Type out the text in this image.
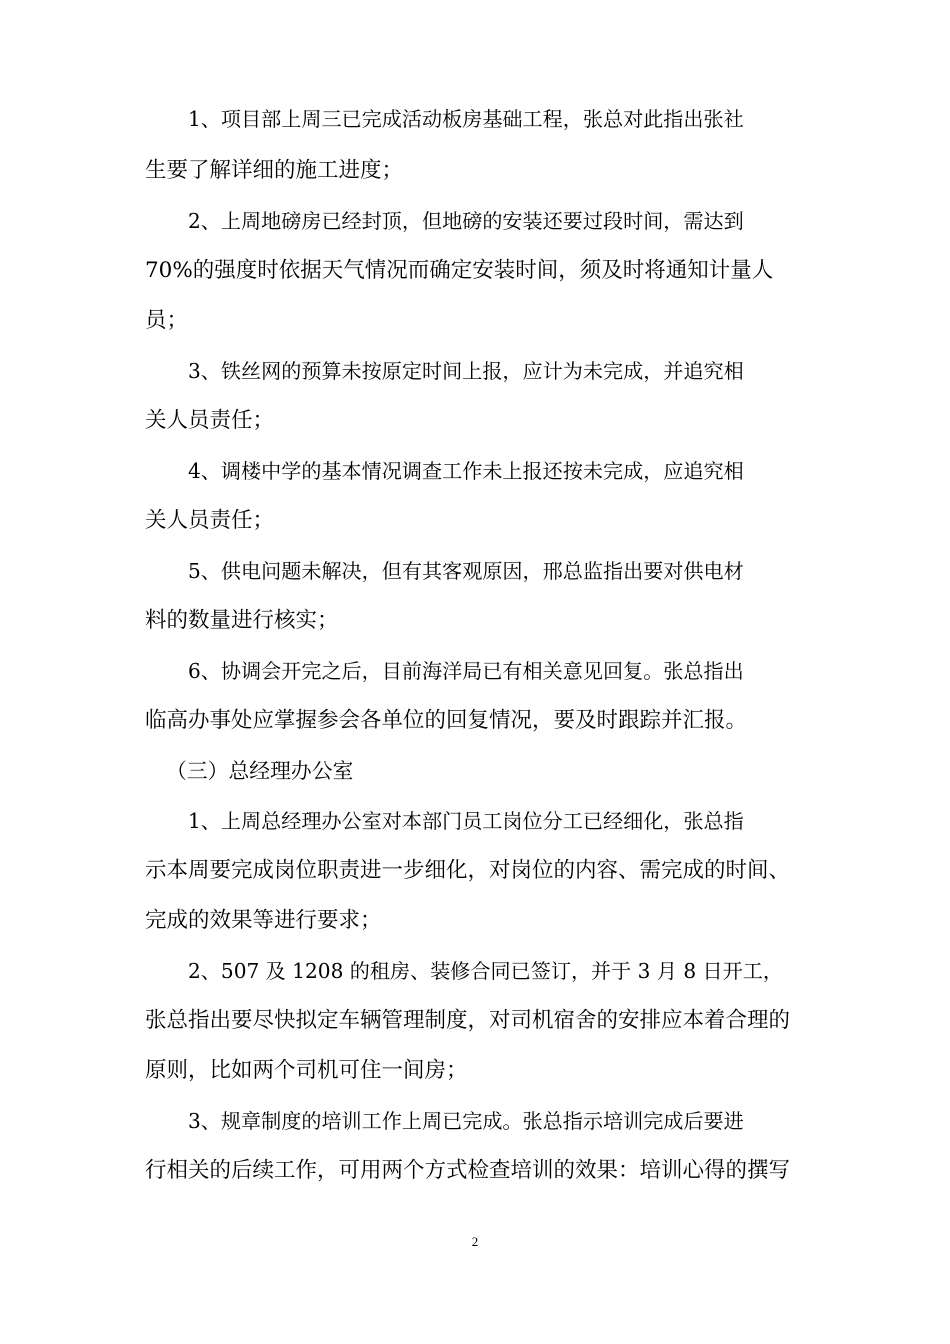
1、项目部上周三已完成活动板房基础工程，张总对此指出张社

生要了解详细的施工进度；

2、上周地磅房已经封顶，但地磅的安装还要过段时间，需达到

70%的强度时依据天气情况而确定安装时间，须及时将通知计量人

员；

3、铁丝网的预算未按原定时间上报，应计为未完成，并追究相

关人员责任；

4、调楼中学的基本情况调查工作未上报还按未完成，应追究相

关人员责任；

5、供电问题未解决，但有其客观原因，邢总监指出要对供电材

料的数量进行核实；

6、协调会开完之后，目前海洋局已有相关意见回复。张总指出

临高办事处应掌握参会各单位的回复情况，要及时跟踪并汇报。

（三）总经理办公室

1、上周总经理办公室对本部门员工岗位分工已经细化，张总指

示本周要完成岗位职责进一步细化，对岗位的内容、需完成的时间、

完成的效果等进行要求；

2、507 及 1208 的租房、装修合同已签订，并于 3 月 8 日开工，

张总指出要尽快拟定车辆管理制度，对司机宿舍的安排应本着合理的

原则，比如两个司机可住一间房；

3、规章制度的培训工作上周已完成。张总指示培训完成后要进

行相关的后续工作，可用两个方式检查培训的效果：培训心得的撰写

2
